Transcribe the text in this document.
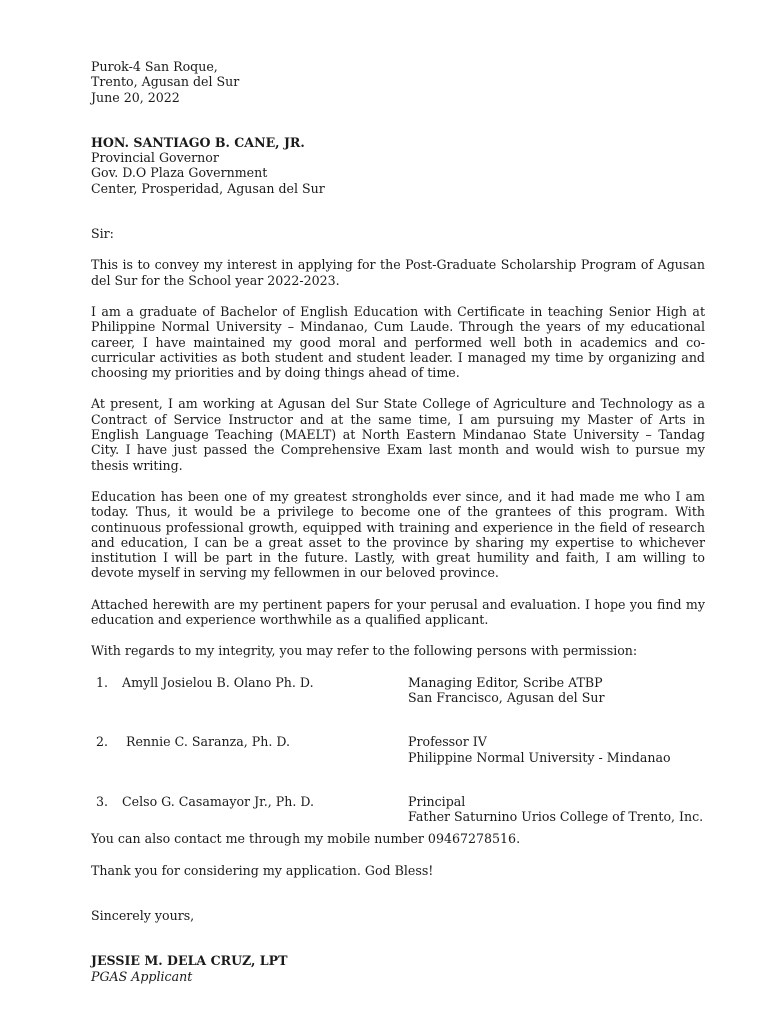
Purok-4 San Roque,
Trento, Agusan del Sur
June 20, 2022
HON. SANTIAGO B. CANE, JR.
Provincial Governor
Gov. D.O Plaza Government
Center, Prosperidad, Agusan del Sur
Sir:

This is to convey my interest in applying for the Post-Graduate Scholarship Program of Agusan del Sur for the School year 2022-2023.

I am a graduate of Bachelor of English Education with Certificate in teaching Senior High at Philippine Normal University – Mindanao, Cum Laude. Through the years of my educational career, I have maintained my good moral and performed well both in academics and co-curricular activities as both student and student leader. I managed my time by organizing and choosing my priorities and by doing things ahead of time.

At present, I am working at Agusan del Sur State College of Agriculture and Technology as a Contract of Service Instructor and at the same time, I am pursuing my Master of Arts in English Language Teaching (MAELT) at North Eastern Mindanao State University – Tandag City. I have just passed the Comprehensive Exam last month and would wish to pursue my thesis writing.

Education has been one of my greatest strongholds ever since, and it had made me who I am today. Thus, it would be a privilege to become one of the grantees of this program. With continuous professional growth, equipped with training and experience in the field of research and education, I can be a great asset to the province by sharing my expertise to whichever institution I will be part in the future. Lastly, with great humility and faith, I am willing to devote myself in serving my fellowmen in our beloved province.

Attached herewith are my pertinent papers for your perusal and evaluation. I hope you find my education and experience worthwhile as a qualified applicant.

With regards to my integrity, you may refer to the following persons with permission:

1.	Amyll Josielou B. Olano Ph. D.	Managing Editor, Scribe ATBP
San Francisco, Agusan del Sur
2.	Rennie C. Saranza, Ph. D.	Professor IV
Philippine Normal University - Mindanao
3.	Celso G. Casamayor Jr., Ph. D.	Principal
Father Saturnino Urios College of Trento, Inc.
You can also contact me through my mobile number 09467278516.
Thank you for considering my application. God Bless!
Sincerely yours,
JESSIE M. DELA CRUZ, LPT
PGAS Applicant
